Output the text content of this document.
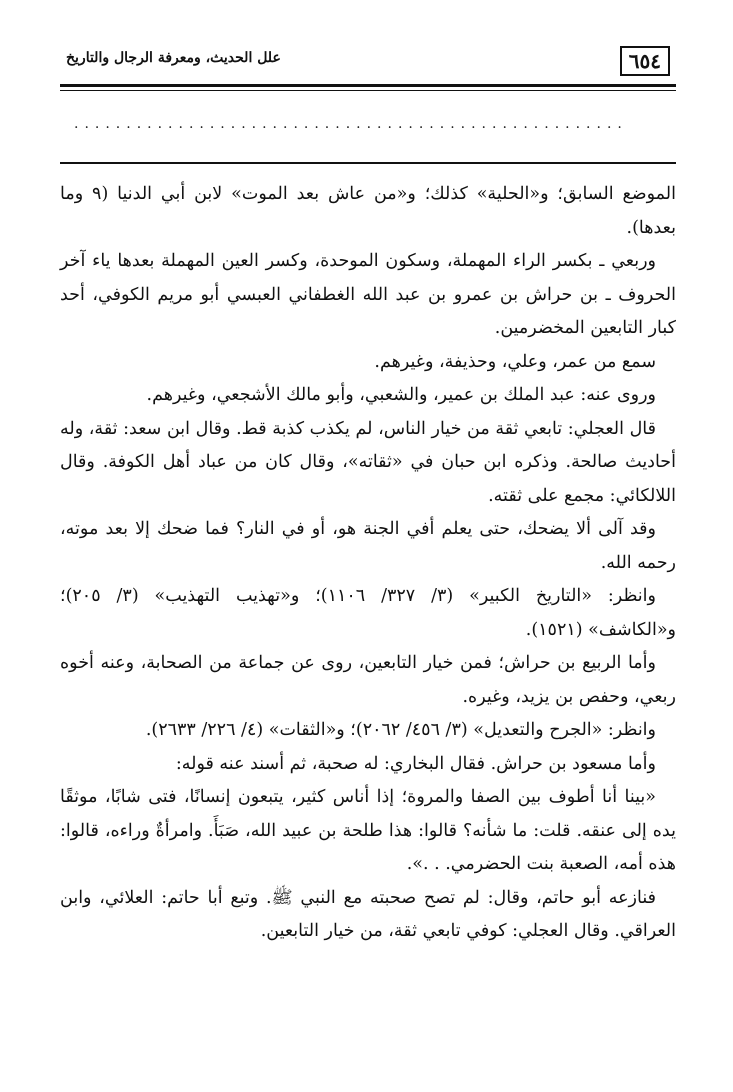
٦٥٤
علل الحديث، ومعرفة الرجال والتاريخ
.....................................................

الموضع السابق؛ و«الحلية» كذلك؛ و«من عاش بعد الموت» لابن أبي الدنيا (٩ وما بعدها).

وربعي ـ بكسر الراء المهملة، وسكون الموحدة، وكسر العين المهملة بعدها ياء آخر الحروف ـ بن حراش بن عمرو بن عبد الله الغطفاني العبسي أبو مريم الكوفي، أحد كبار التابعين المخضرمين.

سمع من عمر، وعلي، وحذيفة، وغيرهم.

وروى عنه: عبد الملك بن عمير، والشعبي، وأبو مالك الأشجعي، وغيرهم.

قال العجلي: تابعي ثقة من خيار الناس، لم يكذب كذبة قط. وقال ابن سعد: ثقة، وله أحاديث صالحة. وذكره ابن حبان في «ثقاته»، وقال كان من عباد أهل الكوفة. وقال اللالكائي: مجمع على ثقته.

وقد آلى ألا يضحك، حتى يعلم أفي الجنة هو، أو في النار؟ فما ضحك إلا بعد موته، رحمه الله.

وانظر: «التاريخ الكبير» (٣/ ٣٢٧/ ١١٠٦)؛ و«تهذيب التهذيب» (٣/ ٢٠٥)؛ و«الكاشف» (١٥٢١).

وأما الربيع بن حراش؛ فمن خيار التابعين، روى عن جماعة من الصحابة، وعنه أخوه ربعي، وحفص بن يزيد، وغيره.

وانظر: «الجرح والتعديل» (٣/ ٤٥٦/ ٢٠٦٢)؛ و«الثقات» (٤/ ٢٢٦/ ٢٦٣٣).

وأما مسعود بن حراش. فقال البخاري: له صحبة، ثم أسند عنه قوله:

«بينا أنا أطوف بين الصفا والمروة؛ إذا أناس كثير، يتبعون إنسانًا، فتى شابًا، موثقًا يده إلى عنقه. قلت: ما شأنه؟ قالوا: هذا طلحة بن عبيد الله، صَبَأَ. وامرأةٌ وراءه، قالوا: هذه أمه، الصعبة بنت الحضرمي. . .».

فنازعه أبو حاتم، وقال: لم تصح صحبته مع النبي ﷺ. وتبع أبا حاتم: العلائي، وابن العراقي. وقال العجلي: كوفي تابعي ثقة، من خيار التابعين.
